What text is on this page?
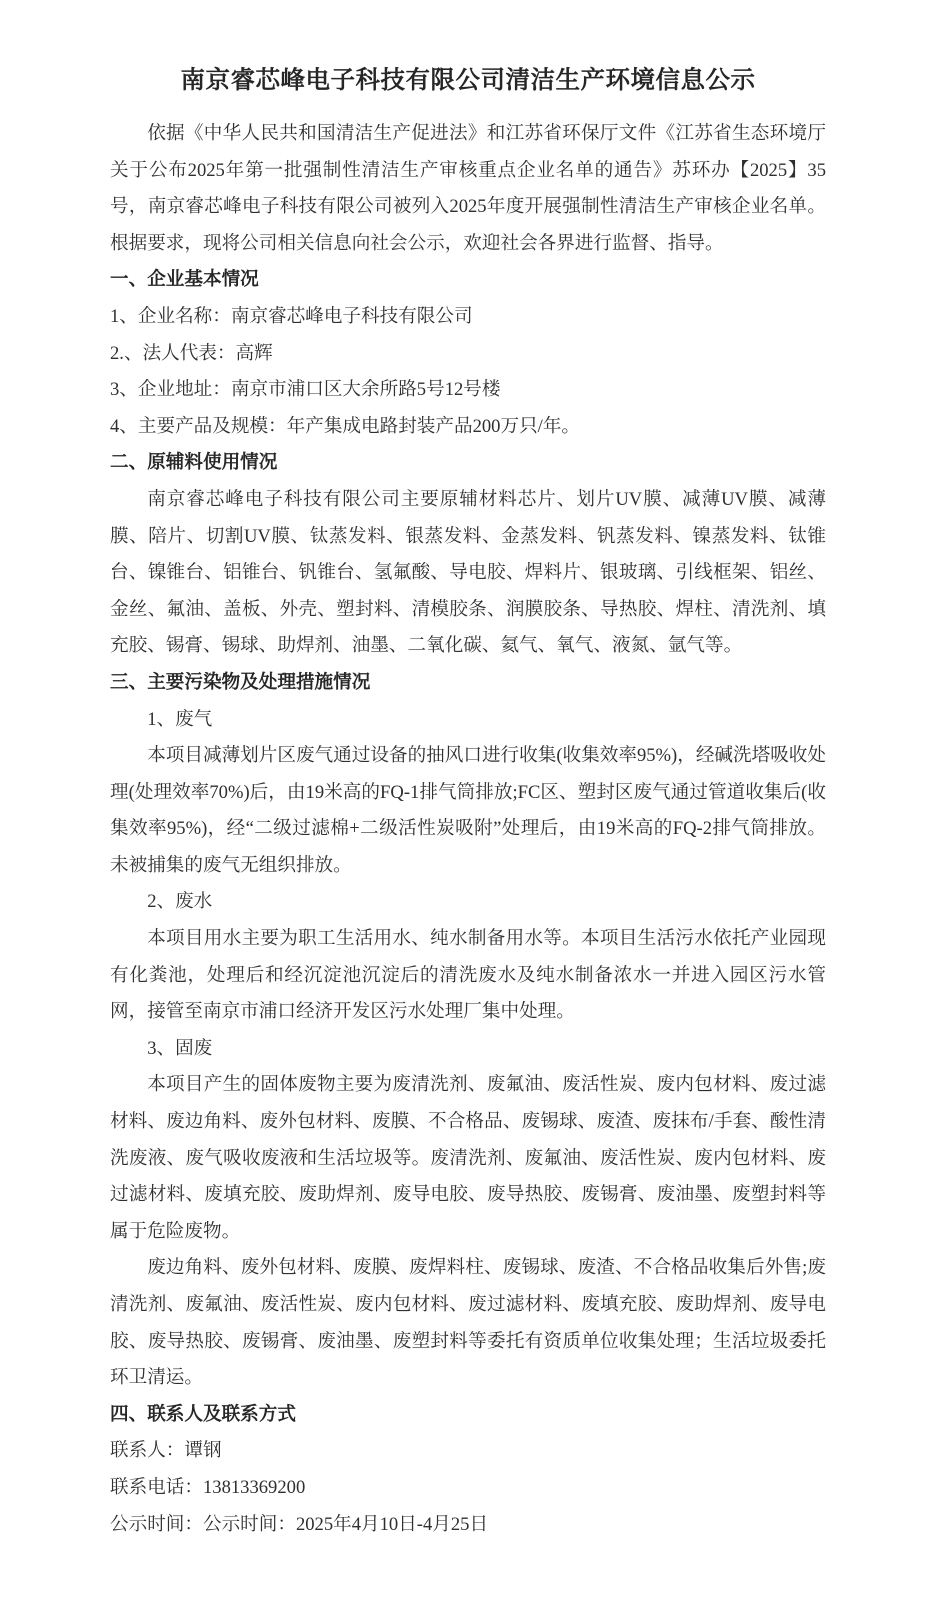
南京睿芯峰电子科技有限公司清洁生产环境信息公示

依据《中华人民共和国清洁生产促进法》和江苏省环保厅文件《江苏省生态环境厅关于公布2025年第一批强制性清洁生产审核重点企业名单的通告》苏环办【2025】35号，南京睿芯峰电子科技有限公司被列入2025年度开展强制性清洁生产审核企业名单。根据要求，现将公司相关信息向社会公示，欢迎社会各界进行监督、指导。

一、企业基本情况

1、企业名称：南京睿芯峰电子科技有限公司

2.、法人代表：高辉

3、企业地址：南京市浦口区大余所路5号12号楼

4、主要产品及规模：年产集成电路封装产品200万只/年。

二、原辅料使用情况

南京睿芯峰电子科技有限公司主要原辅材料芯片、划片UV膜、减薄UV膜、减薄膜、陪片、切割UV膜、钛蒸发料、银蒸发料、金蒸发料、钒蒸发料、镍蒸发料、钛锥台、镍锥台、铝锥台、钒锥台、氢氟酸、导电胶、焊料片、银玻璃、引线框架、铝丝、金丝、氟油、盖板、外壳、塑封料、清模胶条、润膜胶条、导热胶、焊柱、清洗剂、填充胶、锡膏、锡球、助焊剂、油墨、二氧化碳、氦气、氧气、液氮、氩气等。

三、主要污染物及处理措施情况

1、废气

本项目减薄划片区废气通过设备的抽风口进行收集(收集效率95%)，经碱洗塔吸收处理(处理效率70%)后，由19米高的FQ-1排气筒排放;FC区、塑封区废气通过管道收集后(收集效率95%)，经“二级过滤棉+二级活性炭吸附”处理后，由19米高的FQ-2排气筒排放。未被捕集的废气无组织排放。

2、废水

本项目用水主要为职工生活用水、纯水制备用水等。本项目生活污水依托产业园现有化粪池，处理后和经沉淀池沉淀后的清洗废水及纯水制备浓水一并进入园区污水管网，接管至南京市浦口经济开发区污水处理厂集中处理。

3、固废

本项目产生的固体废物主要为废清洗剂、废氟油、废活性炭、废内包材料、废过滤材料、废边角料、废外包材料、废膜、不合格品、废锡球、废渣、废抹布/手套、酸性清洗废液、废气吸收废液和生活垃圾等。废清洗剂、废氟油、废活性炭、废内包材料、废过滤材料、废填充胶、废助焊剂、废导电胶、废导热胶、废锡膏、废油墨、废塑封料等属于危险废物。

废边角料、废外包材料、废膜、废焊料柱、废锡球、废渣、不合格品收集后外售;废清洗剂、废氟油、废活性炭、废内包材料、废过滤材料、废填充胶、废助焊剂、废导电胶、废导热胶、废锡膏、废油墨、废塑封料等委托有资质单位收集处理；生活垃圾委托环卫清运。

四、联系人及联系方式

联系人：谭钢

联系电话：13813369200

公示时间：公示时间：2025年4月10日-4月25日
